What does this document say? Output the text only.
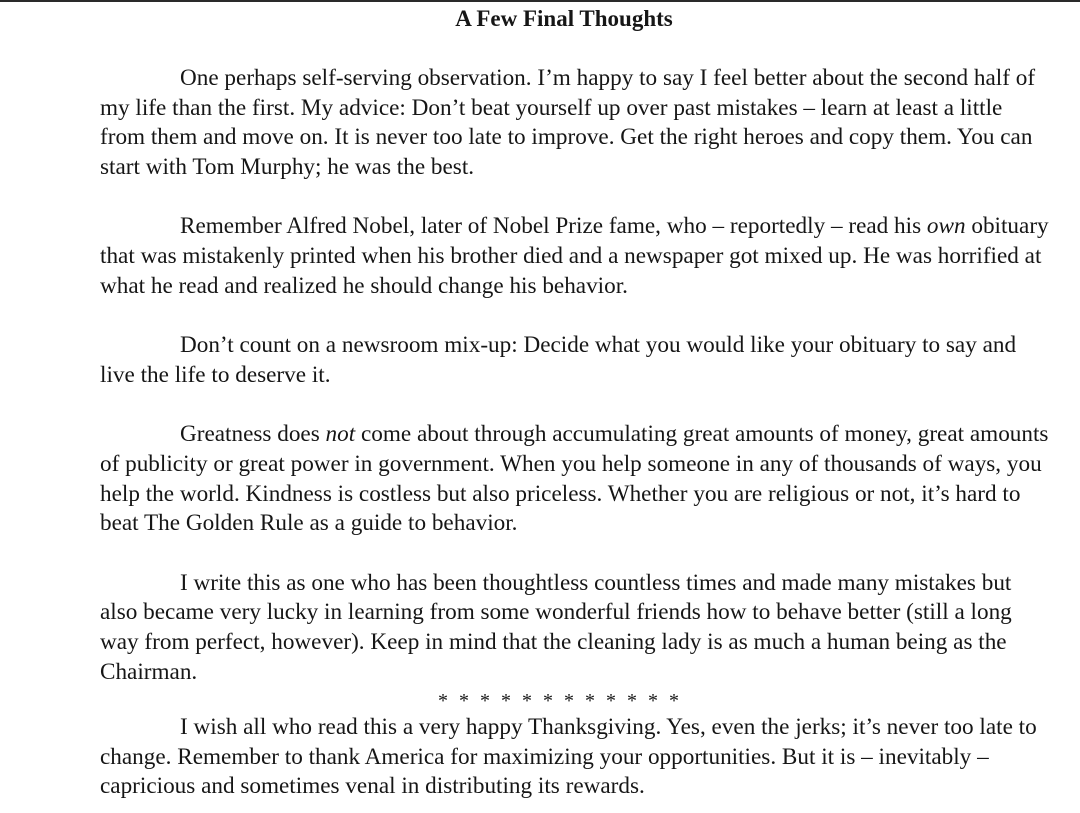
A Few Final Thoughts
One perhaps self-serving observation. I’m happy to say I feel better about the second half of
my life than the first. My advice: Don’t beat yourself up over past mistakes – learn at least a little
from them and move on. It is never too late to improve. Get the right heroes and copy them. You can
start with Tom Murphy; he was the best.
Remember Alfred Nobel, later of Nobel Prize fame, who – reportedly – read his own obituary
that was mistakenly printed when his brother died and a newspaper got mixed up. He was horrified at
what he read and realized he should change his behavior.
Don’t count on a newsroom mix-up: Decide what you would like your obituary to say and
live the life to deserve it.
Greatness does not come about through accumulating great amounts of money, great amounts
of publicity or great power in government. When you help someone in any of thousands of ways, you
help the world. Kindness is costless but also priceless. Whether you are religious or not, it’s hard to
beat The Golden Rule as a guide to behavior.
I write this as one who has been thoughtless countless times and made many mistakes but
also became very lucky in learning from some wonderful friends how to behave better (still a long
way from perfect, however). Keep in mind that the cleaning lady is as much a human being as the
Chairman.
* * * * * * * * * * * *
I wish all who read this a very happy Thanksgiving. Yes, even the jerks; it’s never too late to
change. Remember to thank America for maximizing your opportunities. But it is – inevitably –
capricious and sometimes venal in distributing its rewards.
